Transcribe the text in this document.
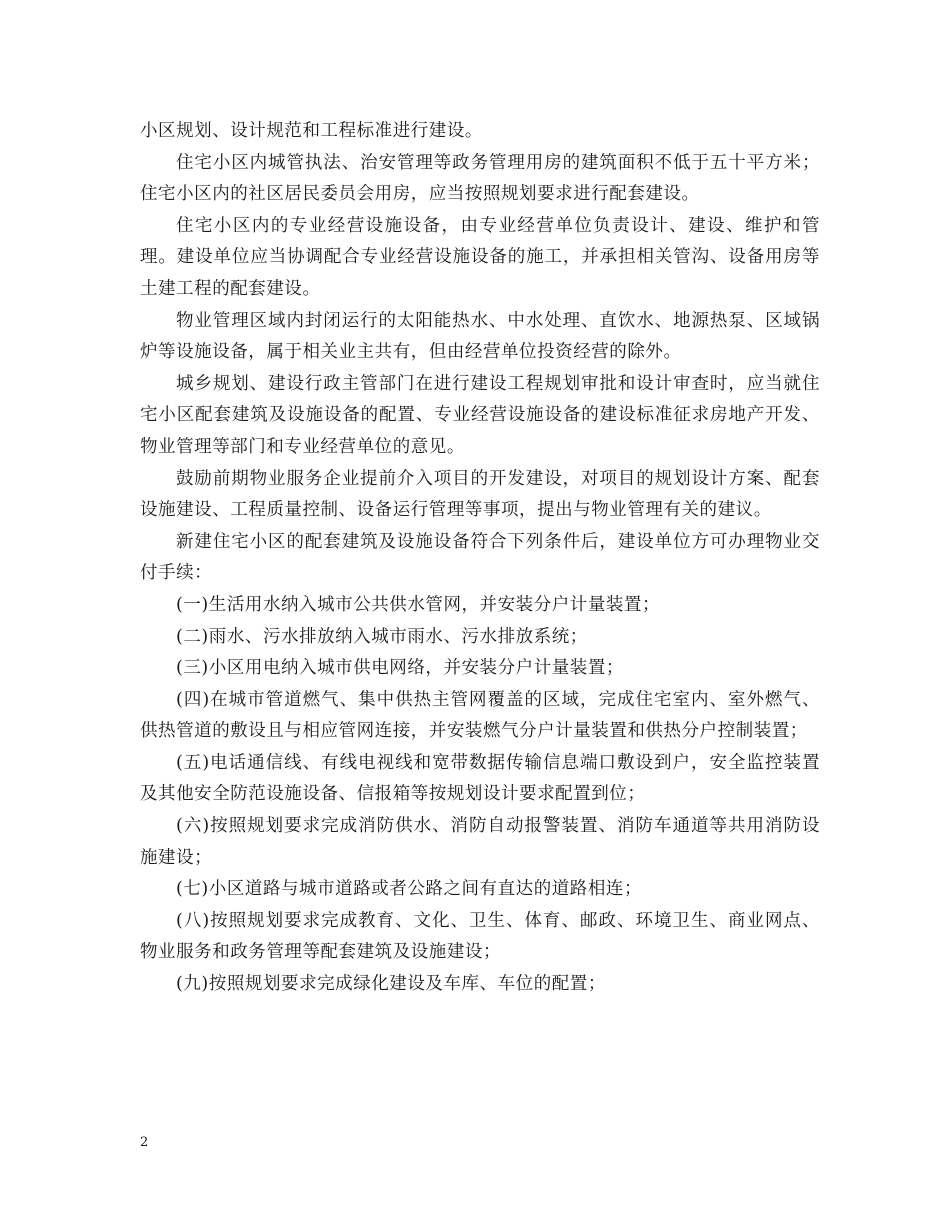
小区规划、设计规范和工程标准进行建设。

住宅小区内城管执法、治安管理等政务管理用房的建筑面积不低于五十平方米；住宅小区内的社区居民委员会用房，应当按照规划要求进行配套建设。

住宅小区内的专业经营设施设备，由专业经营单位负责设计、建设、维护和管理。建设单位应当协调配合专业经营设施设备的施工，并承担相关管沟、设备用房等土建工程的配套建设。

物业管理区域内封闭运行的太阳能热水、中水处理、直饮水、地源热泵、区域锅炉等设施设备，属于相关业主共有，但由经营单位投资经营的除外。

城乡规划、建设行政主管部门在进行建设工程规划审批和设计审查时，应当就住宅小区配套建筑及设施设备的配置、专业经营设施设备的建设标准征求房地产开发、物业管理等部门和专业经营单位的意见。

鼓励前期物业服务企业提前介入项目的开发建设，对项目的规划设计方案、配套设施建设、工程质量控制、设备运行管理等事项，提出与物业管理有关的建议。

新建住宅小区的配套建筑及设施设备符合下列条件后，建设单位方可办理物业交付手续：

(一)生活用水纳入城市公共供水管网，并安装分户计量装置；

(二)雨水、污水排放纳入城市雨水、污水排放系统；

(三)小区用电纳入城市供电网络，并安装分户计量装置；

(四)在城市管道燃气、集中供热主管网覆盖的区域，完成住宅室内、室外燃气、供热管道的敷设且与相应管网连接，并安装燃气分户计量装置和供热分户控制装置；

(五)电话通信线、有线电视线和宽带数据传输信息端口敷设到户，安全监控装置及其他安全防范设施设备、信报箱等按规划设计要求配置到位；

(六)按照规划要求完成消防供水、消防自动报警装置、消防车通道等共用消防设施建设；

(七)小区道路与城市道路或者公路之间有直达的道路相连；

(八)按照规划要求完成教育、文化、卫生、体育、邮政、环境卫生、商业网点、物业服务和政务管理等配套建筑及设施建设；

(九)按照规划要求完成绿化建设及车库、车位的配置；

2
